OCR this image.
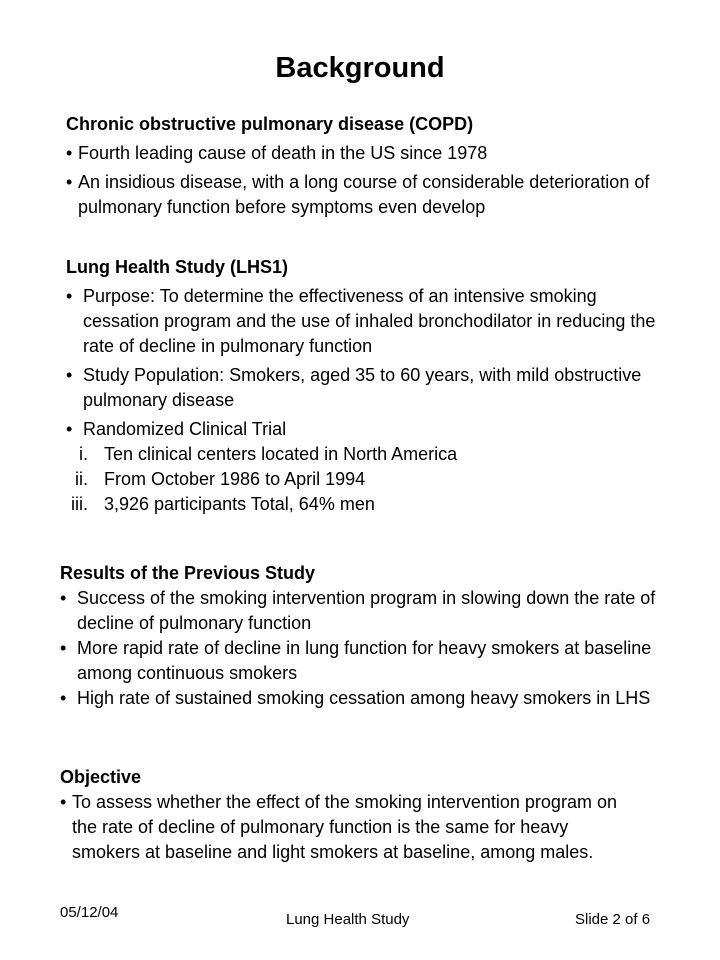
Background
Chronic obstructive pulmonary disease (COPD)
• Fourth leading cause of death in the US since 1978
• An insidious disease, with a long course of considerable deterioration of pulmonary function before symptoms even develop
Lung Health Study (LHS1)
• Purpose: To determine the effectiveness of an intensive smoking cessation program and the use of inhaled bronchodilator in reducing the rate of decline in pulmonary function
• Study Population: Smokers, aged 35 to 60 years, with mild obstructive pulmonary disease
• Randomized Clinical Trial
i. Ten clinical centers located in North America
ii. From October 1986 to April 1994
iii. 3,926 participants Total, 64% men
Results of the Previous Study
• Success of the smoking intervention program in slowing down the rate of decline of pulmonary function
• More rapid rate of decline in lung function for heavy smokers at baseline among continuous smokers
• High rate of sustained smoking cessation among heavy smokers in LHS
Objective
• To assess whether the effect of the smoking intervention program on the rate of decline of pulmonary function is the same for heavy smokers at baseline and light smokers at baseline, among males.
05/12/04	Lung Health Study	Slide 2 of 6
